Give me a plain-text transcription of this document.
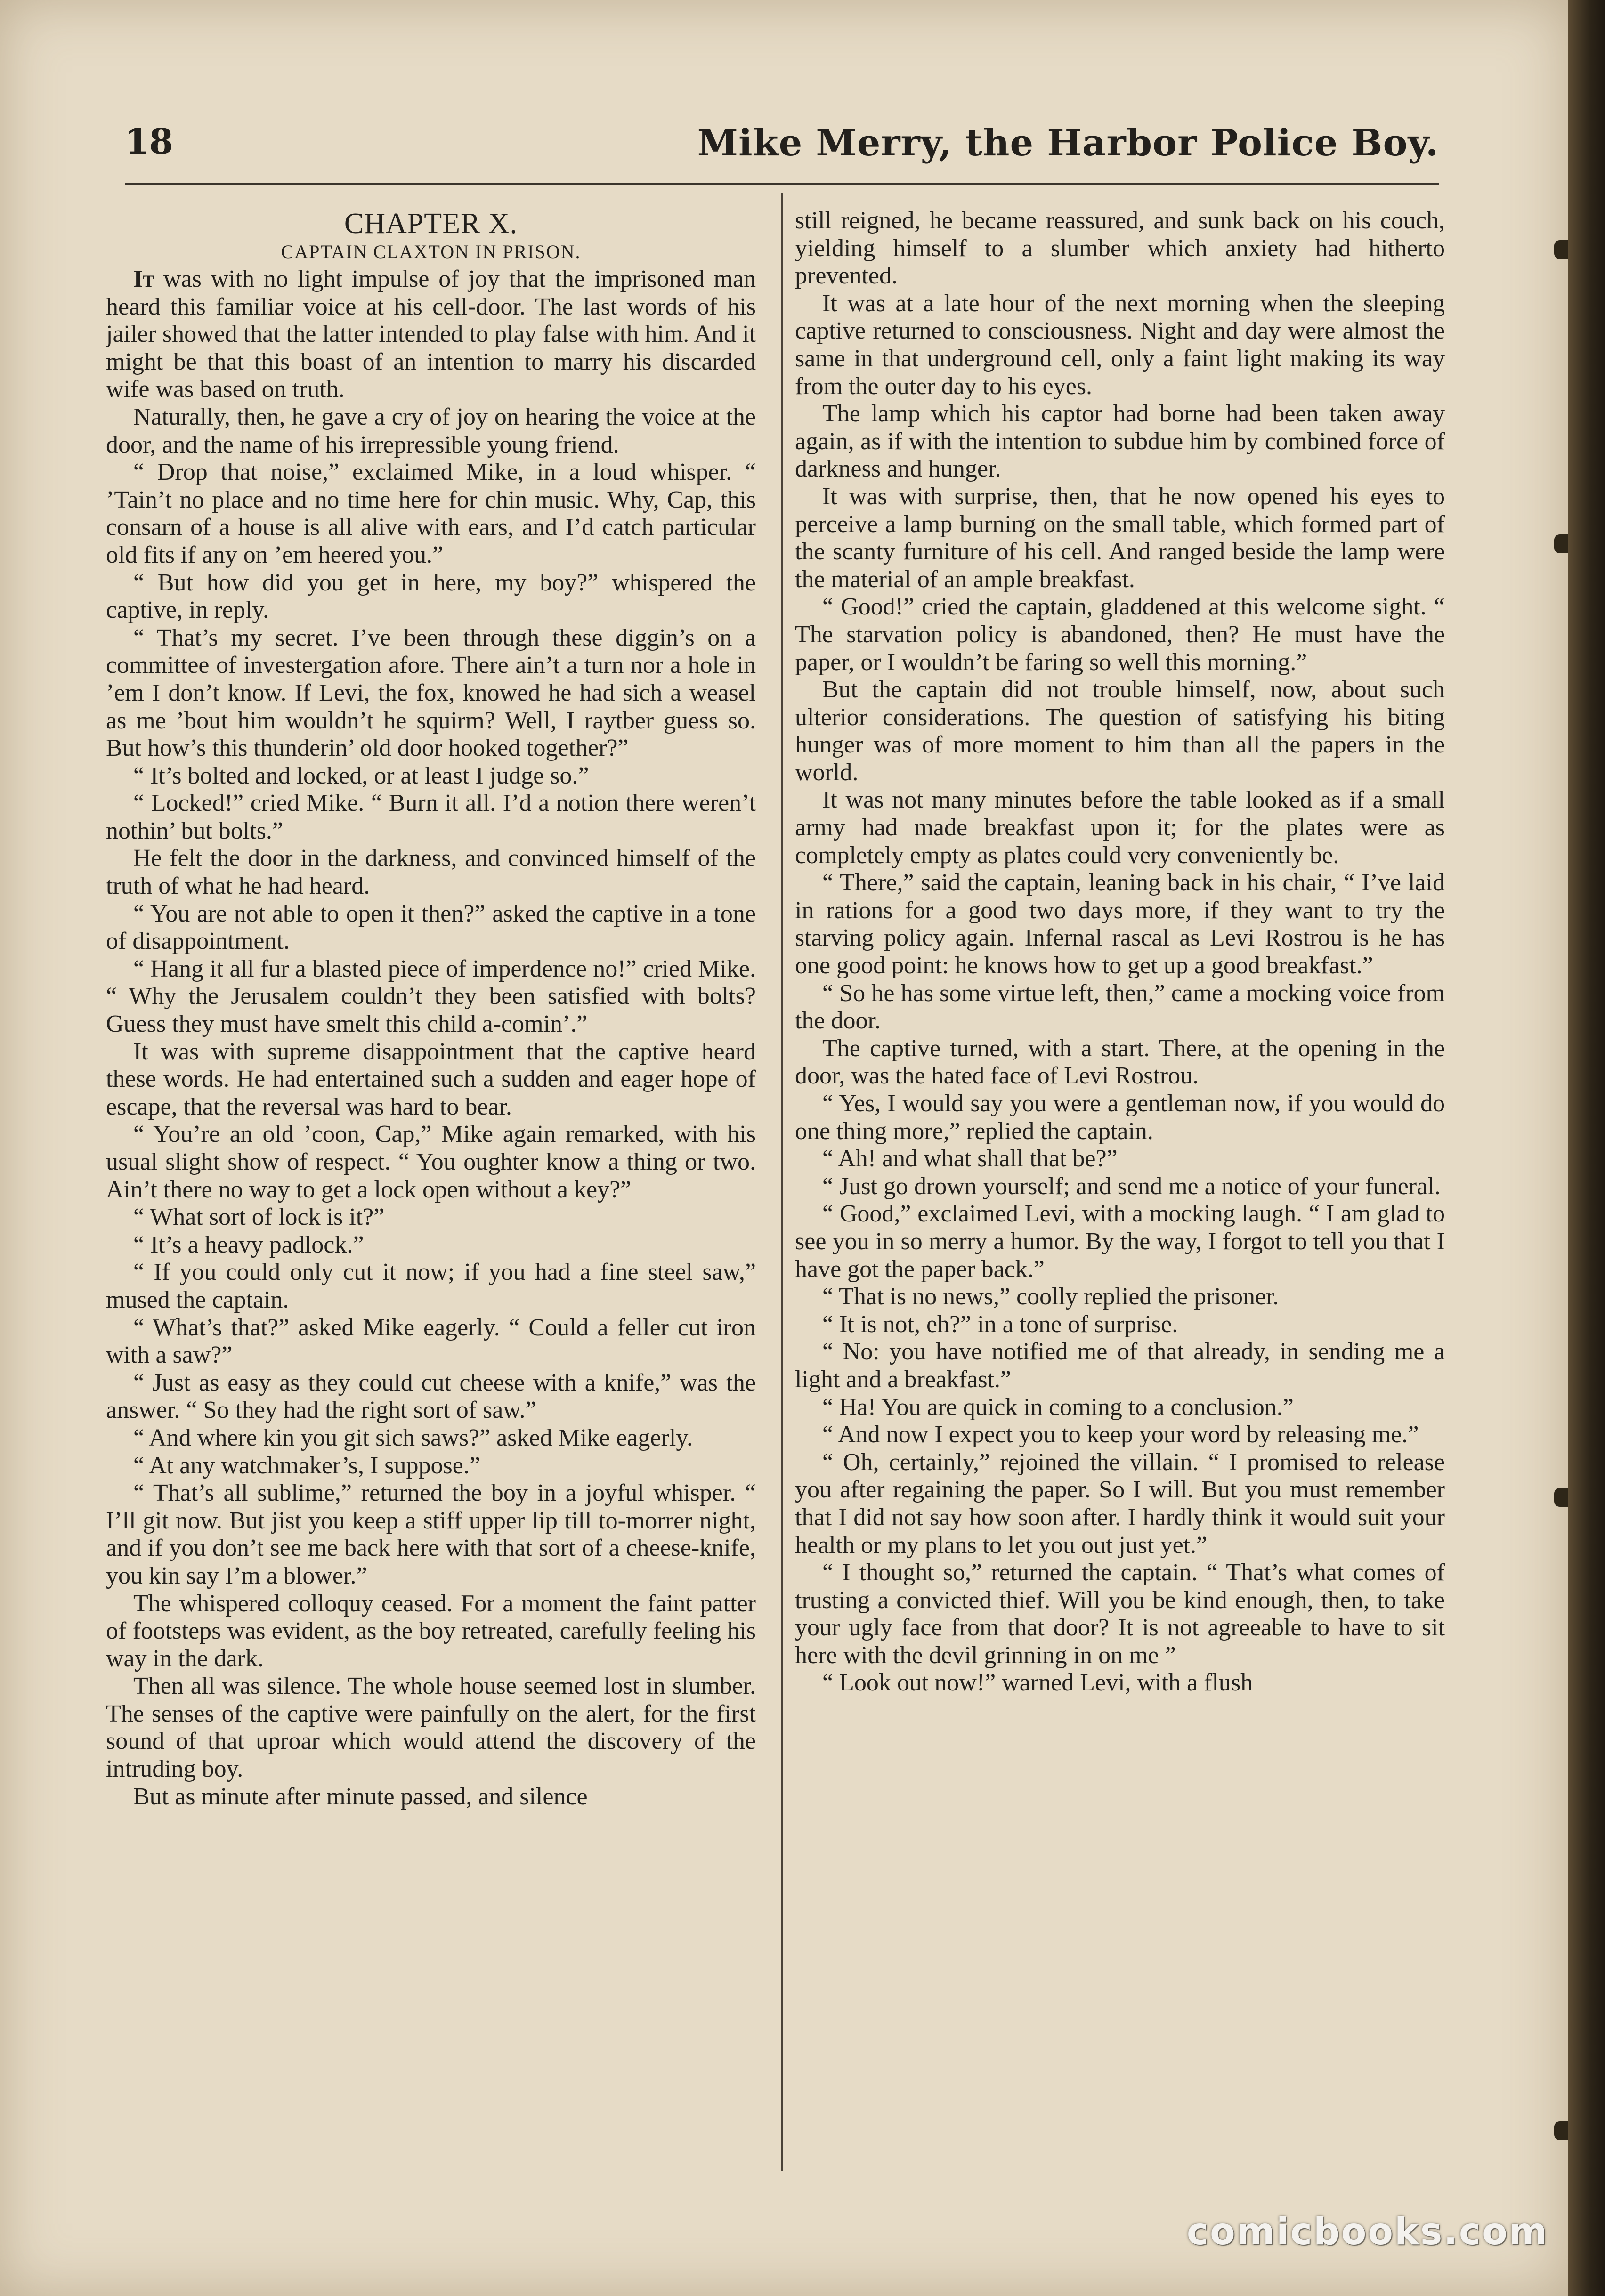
18	Mike Merry, the Harbor Police Boy.

CHAPTER X.

CAPTAIN CLAXTON IN PRISON.

It was with no light impulse of joy that the imprisoned man heard this familiar voice at his cell-door. The last words of his jailer showed that the latter intended to play false with him. And it might be that this boast of an intention to marry his discarded wife was based on truth.

Naturally, then, he gave a cry of joy on hearing the voice at the door, and the name of his irrepressible young friend.

“ Drop that noise,” exclaimed Mike, in a loud whisper. “ ’Tain’t no place and no time here for chin music. Why, Cap, this consarn of a house is all alive with ears, and I’d catch particular old fits if any on ’em heered you.”

“ But how did you get in here, my boy?” whispered the captive, in reply.

“ That’s my secret. I’ve been through these diggin’s on a committee of investergation afore. There ain’t a turn nor a hole in ’em I don’t know. If Levi, the fox, knowed he had sich a weasel as me ’bout him wouldn’t he squirm? Well, I raytber guess so. But how’s this thunderin’ old door hooked together?”

“ It’s bolted and locked, or at least I judge so.”

“ Locked!” cried Mike. “ Burn it all. I’d a notion there weren’t nothin’ but bolts.”

He felt the door in the darkness, and convinced himself of the truth of what he had heard.

“ You are not able to open it then?” asked the captive in a tone of disappointment.

“ Hang it all fur a blasted piece of imperdence no!” cried Mike. “ Why the Jerusalem couldn’t they been satisfied with bolts? Guess they must have smelt this child a-comin’.”

It was with supreme disappointment that the captive heard these words. He had entertained such a sudden and eager hope of escape, that the reversal was hard to bear.

“ You’re an old ’coon, Cap,” Mike again remarked, with his usual slight show of respect. “ You oughter know a thing or two. Ain’t there no way to get a lock open without a key?”

“ What sort of lock is it?”

“ It’s a heavy padlock.”

“ If you could only cut it now; if you had a fine steel saw,” mused the captain.

“ What’s that?” asked Mike eagerly. “ Could a feller cut iron with a saw?”

“ Just as easy as they could cut cheese with a knife,” was the answer. “ So they had the right sort of saw.”

“ And where kin you git sich saws?” asked Mike eagerly.

“ At any watchmaker’s, I suppose.”

“ That’s all sublime,” returned the boy in a joyful whisper. “ I’ll git now. But jist you keep a stiff upper lip till to-morrer night, and if you don’t see me back here with that sort of a cheese-knife, you kin say I’m a blower.”

The whispered colloquy ceased. For a moment the faint patter of footsteps was evident, as the boy retreated, carefully feeling his way in the dark.

Then all was silence. The whole house seemed lost in slumber. The senses of the captive were painfully on the alert, for the first sound of that uproar which would attend the discovery of the intruding boy.

But as minute after minute passed, and silence

still reigned, he became reassured, and sunk back on his couch, yielding himself to a slumber which anxiety had hitherto prevented.

It was at a late hour of the next morning when the sleeping captive returned to consciousness. Night and day were almost the same in that underground cell, only a faint light making its way from the outer day to his eyes.

The lamp which his captor had borne had been taken away again, as if with the intention to subdue him by combined force of darkness and hunger.

It was with surprise, then, that he now opened his eyes to perceive a lamp burning on the small table, which formed part of the scanty furniture of his cell. And ranged beside the lamp were the material of an ample breakfast.

“ Good!” cried the captain, gladdened at this welcome sight. “ The starvation policy is abandoned, then? He must have the paper, or I wouldn’t be faring so well this morning.”

But the captain did not trouble himself, now, about such ulterior considerations. The question of satisfying his biting hunger was of more moment to him than all the papers in the world.

It was not many minutes before the table looked as if a small army had made breakfast upon it; for the plates were as completely empty as plates could very conveniently be.

“ There,” said the captain, leaning back in his chair, “ I’ve laid in rations for a good two days more, if they want to try the starving policy again. Infernal rascal as Levi Rostrou is he has one good point: he knows how to get up a good breakfast.”

“ So he has some virtue left, then,” came a mocking voice from the door.

The captive turned, with a start. There, at the opening in the door, was the hated face of Levi Rostrou.

“ Yes, I would say you were a gentleman now, if you would do one thing more,” replied the captain.

“ Ah! and what shall that be?”

“ Just go drown yourself; and send me a notice of your funeral.

“ Good,” exclaimed Levi, with a mocking laugh. “ I am glad to see you in so merry a humor. By the way, I forgot to tell you that I have got the paper back.”

“ That is no news,” coolly replied the prisoner.

“ It is not, eh?” in a tone of surprise.

“ No: you have notified me of that already, in sending me a light and a breakfast.”

“ Ha! You are quick in coming to a conclusion.”

“ And now I expect you to keep your word by releasing me.”

“ Oh, certainly,” rejoined the villain. “ I promised to release you after regaining the paper. So I will. But you must remember that I did not say how soon after. I hardly think it would suit your health or my plans to let you out just yet.”

“ I thought so,” returned the captain. “ That’s what comes of trusting a convicted thief. Will you be kind enough, then, to take your ugly face from that door? It is not agreeable to have to sit here with the devil grinning in on me ”

“ Look out now!” warned Levi, with a flush

comicbooks.com
